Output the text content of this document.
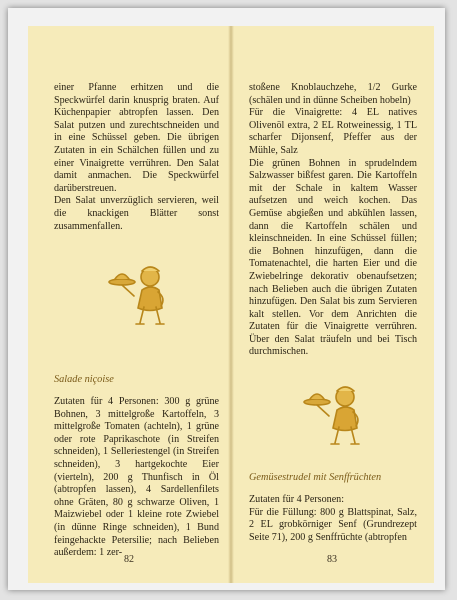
einer Pfanne erhitzen und die Speckwürfel darin knusprig braten. Auf Küchenpapier abtropfen lassen. Den Salat putzen und zurechtschneiden und in eine Schüssel geben. Die übrigen Zutaten in ein Schälchen füllen und zu einer Vinaigrette verrühren. Den Salat damit anmachen. Die Speckwürfel darüberstreuen.

Den Salat unverzüglich servieren, weil die knackigen Blätter sonst zusammenfallen.

Salade niçoise
Zutaten für 4 Personen: 300 g grüne Bohnen, 3 mittelgroße Kartoffeln, 3 mittelgroße Tomaten (achteln), 1 grüne oder rote Paprikaschote (in Streifen schneiden), 1 Selleriestengel (in Streifen schneiden), 3 hartgekochte Eier (vierteln), 200 g Thunfisch in Öl (abtropfen lassen), 4 Sardellenfilets ohne Gräten, 80 g schwarze Oliven, 1 Maizwiebel oder 1 kleine rote Zwiebel (in dünne Ringe schneiden), 1 Bund feingehackte Petersilie; nach Belieben außerdem: 1 zer-
82

stoßene Knoblauchzehe, 1/2 Gurke (schälen und in dünne Scheiben hobeln)

Für die Vinaigrette: 4 EL natives Olivenöl extra, 2 EL Rotweinessig, 1 TL scharfer Dijonsenf, Pfeffer aus der Mühle, Salz

Die grünen Bohnen in sprudelndem Salzwasser bißfest garen. Die Kartoffeln mit der Schale in kaltem Wasser aufsetzen und weich kochen. Das Gemüse abgießen und abkühlen lassen, dann die Kartoffeln schälen und kleinschneiden. In eine Schüssel füllen; die Bohnen hinzufügen, dann die Tomatenachtel, die harten Eier und die Zwiebelringe dekorativ obenaufsetzen; nach Belieben auch die übrigen Zutaten hinzufügen. Den Salat bis zum Servieren kalt stellen. Vor dem Anrichten die Zutaten für die Vinaigrette verrühren. Über den Salat träufeln und bei Tisch durchmischen.

Gemüsestrudel mit Senffrüchten

Zutaten für 4 Personen:

Für die Füllung: 800 g Blattspinat, Salz, 2 EL grobkörniger Senf (Grundrezept Seite 71), 200 g Senffrüchte (abtropfen

83
